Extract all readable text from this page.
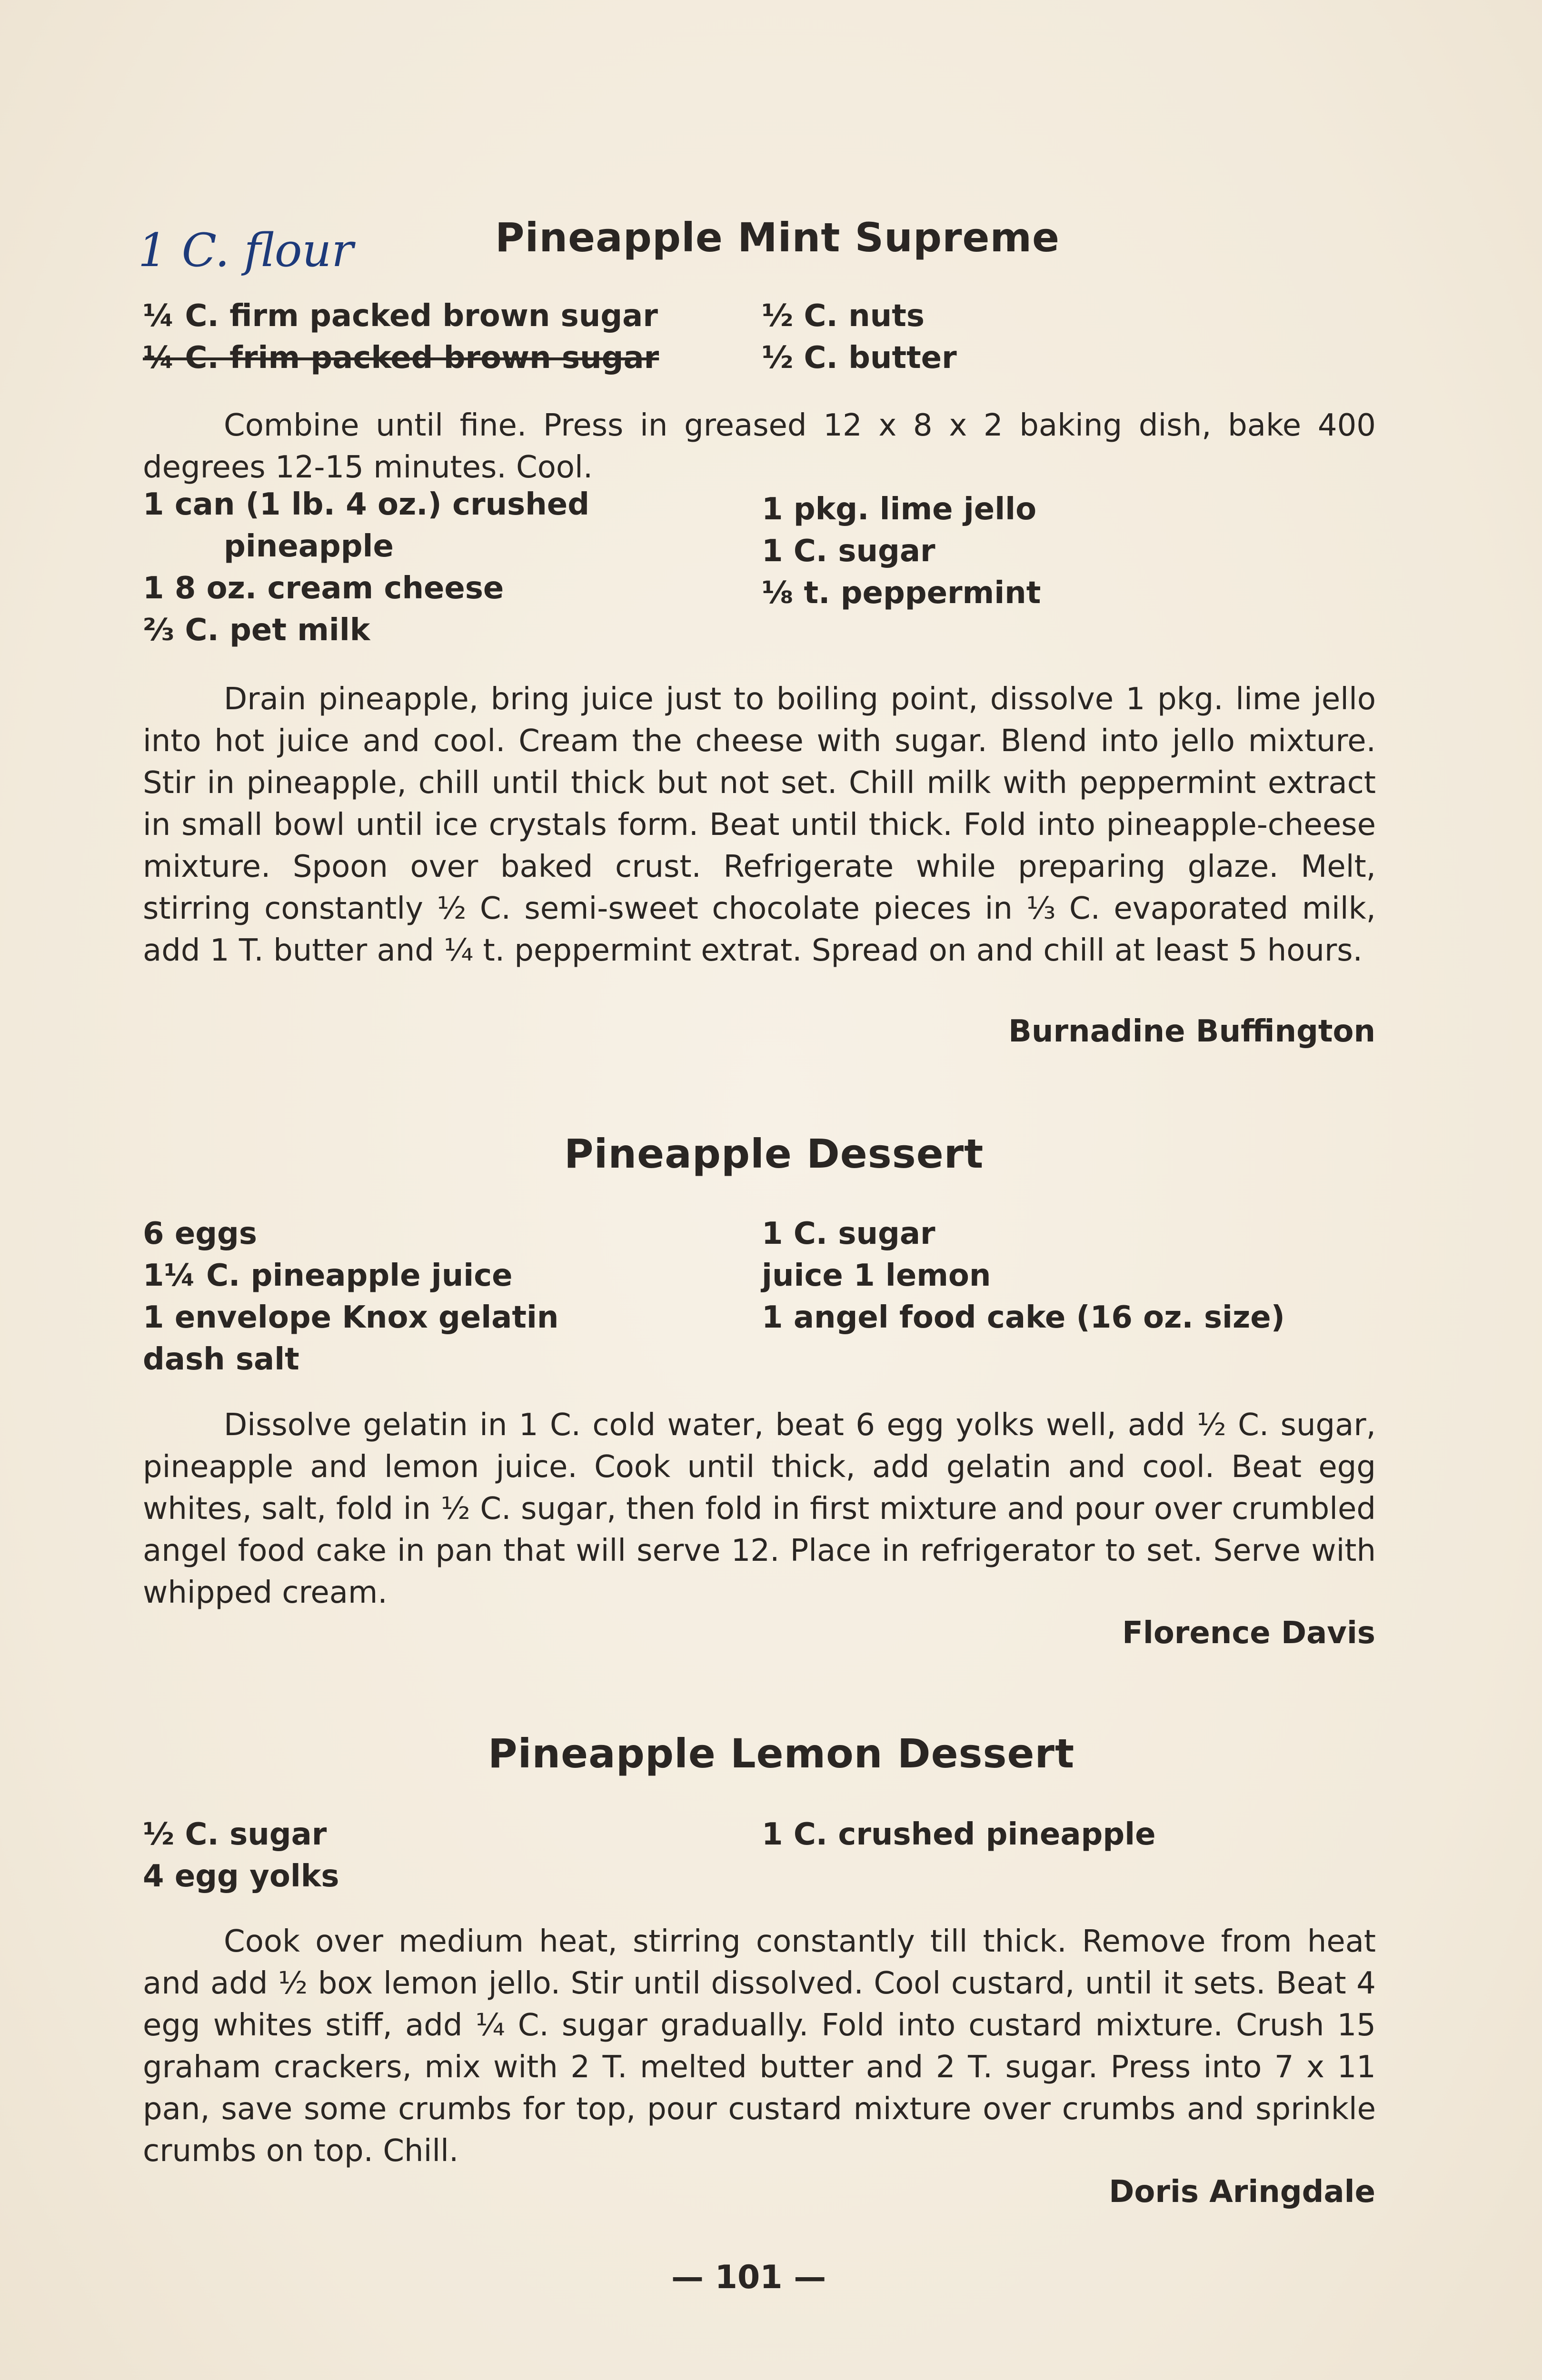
1 C. flour	Pineapple Mint Supreme
¼ C. firm packed brown sugar
¼ C. frim packed brown sugar
½ C. nuts
½ C. butter

Combine until fine. Press in greased 12 x 8 x 2 baking dish, bake 400 degrees 12-15 minutes. Cool.

1 can (1 lb. 4 oz.) crushed
pineapple
1 8 oz. cream cheese
⅔ C. pet milk
1 pkg. lime jello
1 C. sugar
⅛ t. peppermint

Drain pineapple, bring juice just to boiling point, dissolve 1 pkg. lime jello into hot juice and cool. Cream the cheese with sugar. Blend into jello mixture. Stir in pineapple, chill until thick but not set. Chill milk with peppermint extract in small bowl until ice crystals form. Beat until thick. Fold into pineapple-cheese mixture. Spoon over baked crust. Refrigerate while preparing glaze. Melt, stirring constantly ½ C. semi-sweet chocolate pieces in ⅓ C. evaporated milk, add 1 T. butter and ¼ t. peppermint extrat. Spread on and chill at least 5 hours.

Burnadine Buffington
Pineapple Dessert
6 eggs
1¼ C. pineapple juice
1 envelope Knox gelatin
dash salt
1 C. sugar
juice 1 lemon
1 angel food cake (16 oz. size)

Dissolve gelatin in 1 C. cold water, beat 6 egg yolks well, add ½ C. sugar, pineapple and lemon juice. Cook until thick, add gelatin and cool. Beat egg whites, salt, fold in ½ C. sugar, then fold in first mixture and pour over crumbled angel food cake in pan that will serve 12. Place in refrigerator to set. Serve with whipped cream.

Florence Davis
Pineapple Lemon Dessert
½ C. sugar
4 egg yolks
1 C. crushed pineapple

Cook over medium heat, stirring constantly till thick. Remove from heat and add ½ box lemon jello. Stir until dissolved. Cool custard, until it sets. Beat 4 egg whites stiff, add ¼ C. sugar gradually. Fold into custard mixture. Crush 15 graham crackers, mix with 2 T. melted butter and 2 T. sugar. Press into 7 x 11 pan, save some crumbs for top, pour custard mixture over crumbs and sprinkle crumbs on top. Chill.

Doris Aringdale
— 101 —
